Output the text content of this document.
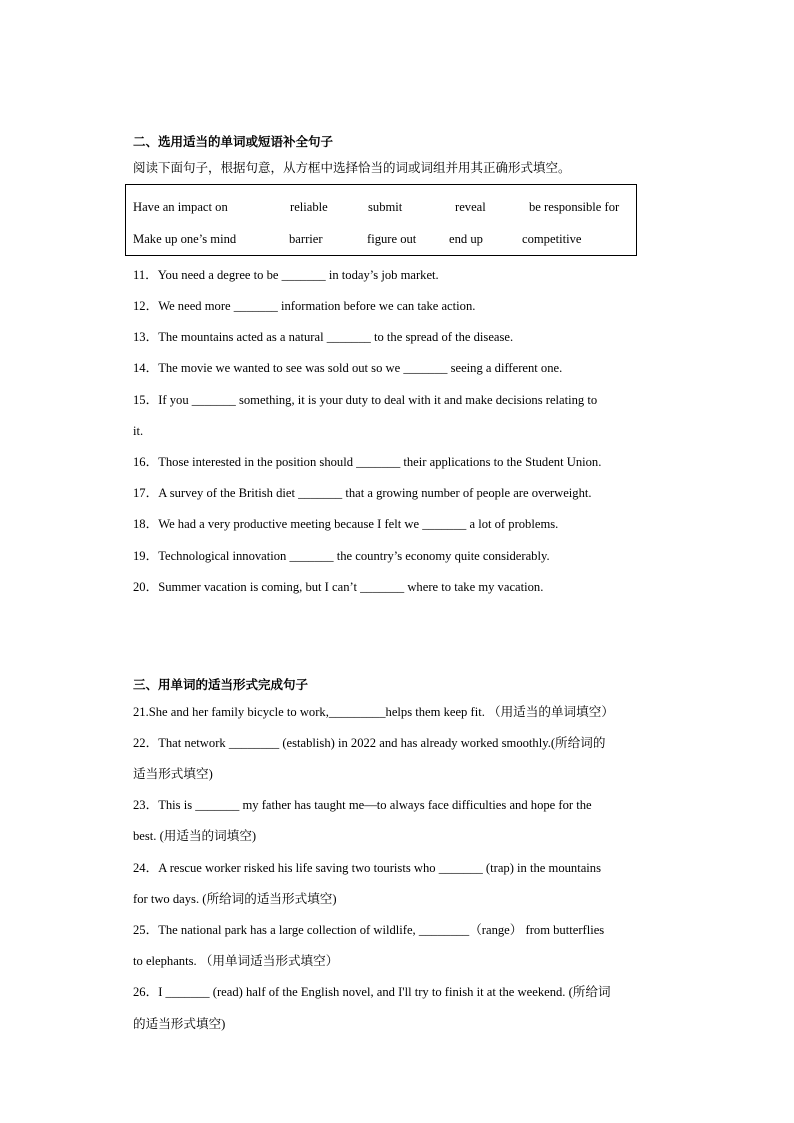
二、选用适当的单词或短语补全句子
阅读下面句子，根据句意，从方框中选择恰当的词或词组并用其正确形式填空。
Have an impact on	reliable	submit	reveal	be responsible for
Make up one’s mind	barrier	figure out	end up	competitive
11．You need a degree to be _______ in today’s job market.
12．We need more _______ information before we can take action.
13．The mountains acted as a natural _______ to the spread of the disease.
14．The movie we wanted to see was sold out so we _______ seeing a different one.
15．If you _______ something, it is your duty to deal with it and make decisions relating to
it.
16．Those interested in the position should _______ their applications to the Student Union.
17．A survey of the British diet _______ that a growing number of people are overweight.
18．We had a very productive meeting because I felt we _______ a lot of problems.
19．Technological innovation _______ the country’s economy quite considerably.
20．Summer vacation is coming, but I can’t _______ where to take my vacation.
三、用单词的适当形式完成句子
21.She and her family bicycle to work,_________helps them keep fit. （用适当的单词填空）
22．That network ________ (establish) in 2022 and has already worked smoothly.(所给词的
适当形式填空)
23．This is _______ my father has taught me—to always face difficulties and hope for the
best. (用适当的词填空)
24．A rescue worker risked his life saving two tourists who _______ (trap) in the mountains
for two days. (所给词的适当形式填空)
25．The national park has a large collection of wildlife, ________（range） from butterflies
to elephants. （用单词适当形式填空）
26．I _______ (read) half of the English novel, and I'll try to finish it at the weekend. (所给词
的适当形式填空)
